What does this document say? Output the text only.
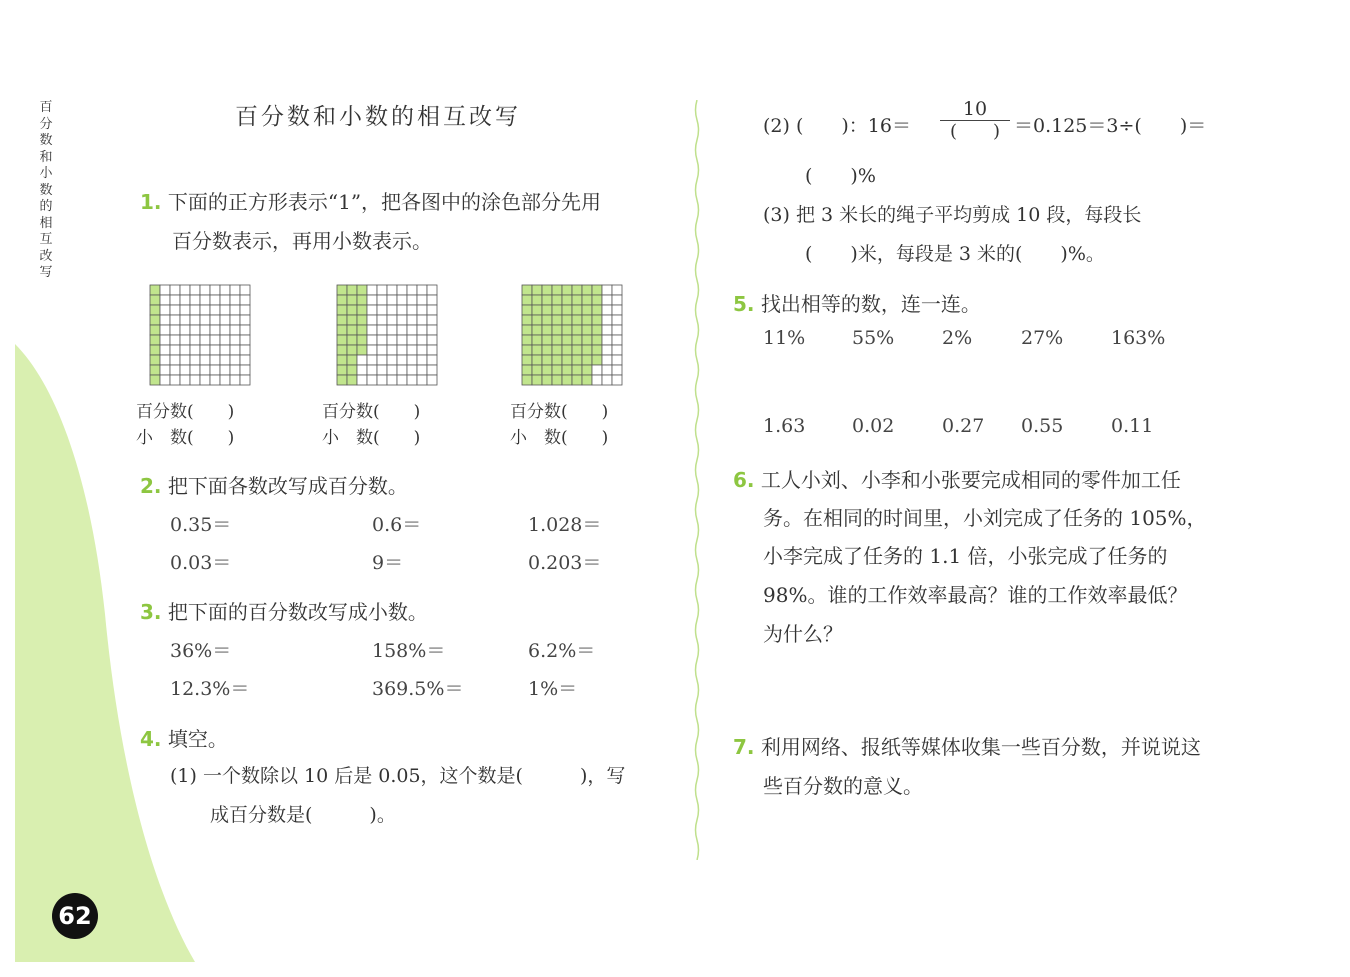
百分数和小数的相互改写
百分数和小数的相互改写
1. 下面的正方形表示“1”，把各图中的涂色部分先用
百分数表示，再用小数表示。
百分数(　　)
小　数(　　)
百分数(　　)
小　数(　　)
百分数(　　)
小　数(　　)
2. 把下面各数改写成百分数。
0.35＝	0.6＝	1.028＝
0.03＝	9＝	0.203＝
3. 把下面的百分数改写成小数。
36%＝	158%＝	6.2%＝
12.3%＝	369.5%＝	1%＝
4. 填空。
(1) 一个数除以 10 后是 0.05，这个数是(　　　)，写
成百分数是(　　　)。
(2) (　　)：16＝
10
(　　) ＝0.125＝3÷(　　)＝
(　　)%
(3) 把 3 米长的绳子平均剪成 10 段，每段长
(　　)米，每段是 3 米的(　　)%。
5. 找出相等的数，连一连。
11% 55%	2%	27%	163%
1.63 0.02	0.27 0.55	0.11
6. 工人小刘、小李和小张要完成相同的零件加工任
务。在相同的时间里，小刘完成了任务的 105%，
小李完成了任务的 1.1 倍，小张完成了任务的
98%。谁的工作效率最高？谁的工作效率最低？
为什么？
7. 利用网络、报纸等媒体收集一些百分数，并说说这
些百分数的意义。
62
